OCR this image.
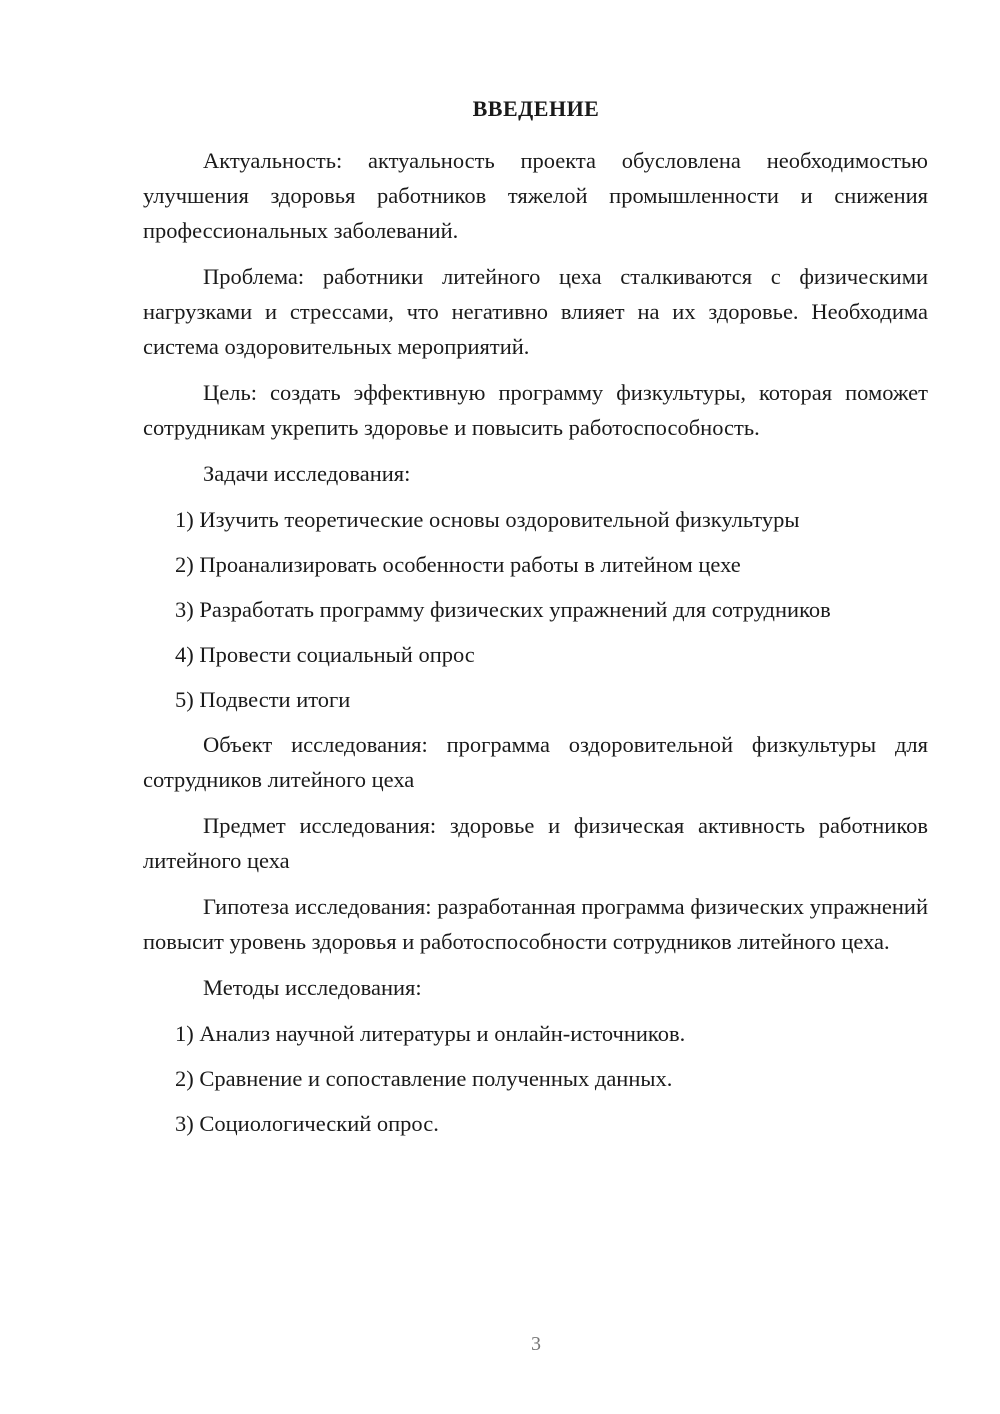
ВВЕДЕНИЕ

Актуальность: актуальность проекта обусловлена необходимостью улучшения здоровья работников тяжелой промышленности и снижения профессиональных заболеваний.

Проблема: работники литейного цеха сталкиваются с физическими нагрузками и стрессами, что негативно влияет на их здоровье. Необходима система оздоровительных мероприятий.

Цель: создать эффективную программу физкультуры, которая поможет сотрудникам укрепить здоровье и повысить работоспособность.

Задачи исследования:

1) Изучить теоретические основы оздоровительной физкультуры
2) Проанализировать особенности работы в литейном цехе
3) Разработать программу физических упражнений для сотрудников
4) Провести социальный опрос
5) Подвести итоги

Объект исследования: программа оздоровительной физкультуры для сотрудников литейного цеха

Предмет исследования: здоровье и физическая активность работников литейного цеха

Гипотеза исследования: разработанная программа физических упражнений повысит уровень здоровья и работоспособности сотрудников литейного цеха.

Методы исследования:

1) Анализ научной литературы и онлайн-источников.
2) Сравнение и сопоставление полученных данных.
3) Социологический опрос.
3
